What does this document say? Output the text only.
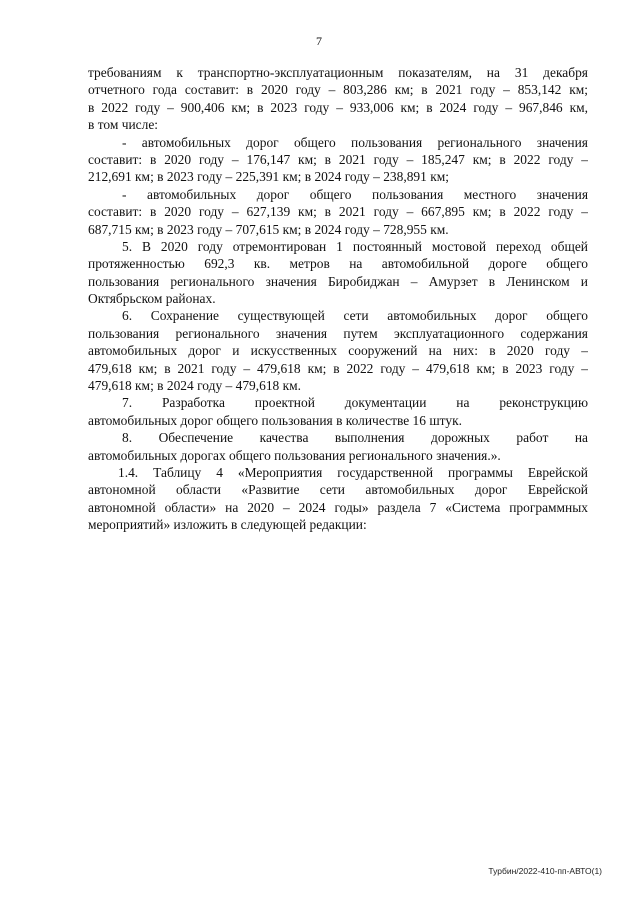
7

требованиям к транспортно-эксплуатационным показателям, на 31 декабря
отчетного года составит: в 2020 году – 803,286 км; в 2021 году – 853,142 км;
в 2022 году – 900,406 км; в 2023 году – 933,006 км; в 2024 году – 967,846 км,
в том числе:

- автомобильных дорог общего пользования регионального значения
составит: в 2020 году – 176,147 км; в 2021 году – 185,247 км; в 2022 году –
212,691 км; в 2023 году – 225,391 км; в 2024 году – 238,891 км;

- автомобильных дорог общего пользования местного значения
составит: в 2020 году – 627,139 км; в 2021 году – 667,895 км; в 2022 году –
687,715 км; в 2023 году – 707,615 км; в 2024 году – 728,955 км.

5. В 2020 году отремонтирован 1 постоянный мостовой переход общей
протяженностью 692,3 кв. метров на автомобильной дороге общего
пользования регионального значения Биробиджан – Амурзет в Ленинском и
Октябрьском районах.

6. Сохранение существующей сети автомобильных дорог общего
пользования регионального значения путем эксплуатационного содержания
автомобильных дорог и искусственных сооружений на них: в 2020 году –
479,618 км; в 2021 году – 479,618 км; в 2022 году – 479,618 км; в 2023 году –
479,618 км; в 2024 году – 479,618 км.

7. Разработка проектной документации на реконструкцию
автомобильных дорог общего пользования в количестве 16 штук.

8. Обеспечение качества выполнения дорожных работ на
автомобильных дорогах общего пользования регионального значения.».

1.4. Таблицу 4 «Мероприятия государственной программы Еврейской
автономной области «Развитие сети автомобильных дорог Еврейской
автономной области» на 2020 – 2024 годы» раздела 7 «Система программных
мероприятий» изложить в следующей редакции:

Турбин/2022-410-пп-АВТО(1)
